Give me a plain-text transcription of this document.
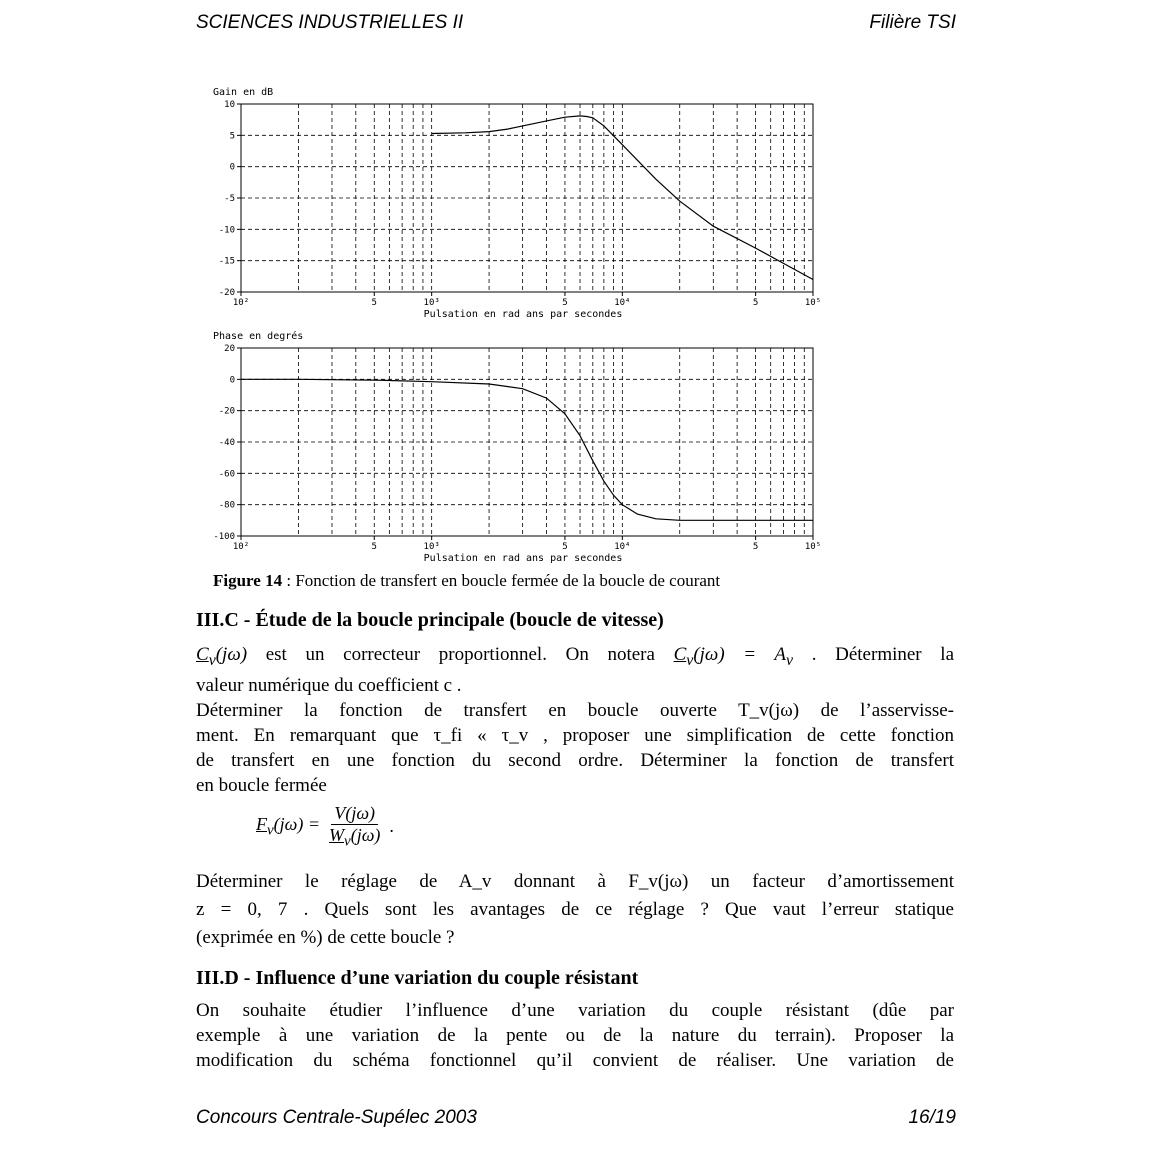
SCIENCES INDUSTRIELLES II	Filière TSI
Gain en dB
10
5
0
-5
-10
-15
-20
10²	5	10³	5	10⁴	5	10⁵
Pulsation en rad ans par secondes
Phase en degrés
20
0
-20
-40
-60
-80
-100
10²	5	10³	5	10⁴	5	10⁵
Pulsation en rad ans par secondes
Figure 14 : Fonction de transfert en boucle fermée de la boucle de courant
III.C - Étude de la boucle principale (boucle de vitesse)
$C_v(j\omega)$ est un correcteur proportionnel. On notera $C_v(j\omega) = A_v$ . Déterminer la
valeur numérique du coefficient c .
Déterminer la fonction de transfert en boucle ouverte T_v(jω) de l’asservisse-
ment. En remarquant que τ_fi « τ_v , proposer une simplification de cette fonction
de transfert en une fonction du second ordre. Déterminer la fonction de transfert
en boucle fermée
$F_v(j\omega) = \frac{V(j\omega)}{W_v(j\omega)}$ .
Déterminer le réglage de A_v donnant à F_v(jω) un facteur d’amortissement
z = 0, 7 . Quels sont les avantages de ce réglage ? Que vaut l’erreur statique
(exprimée en %) de cette boucle ?
III.D - Influence d’une variation du couple résistant
On souhaite étudier l’influence d’une variation du couple résistant (dûe par
exemple à une variation de la pente ou de la nature du terrain). Proposer la
modification du schéma fonctionnel qu’il convient de réaliser. Une variation de
Concours Centrale-Supélec 2003	16/19
